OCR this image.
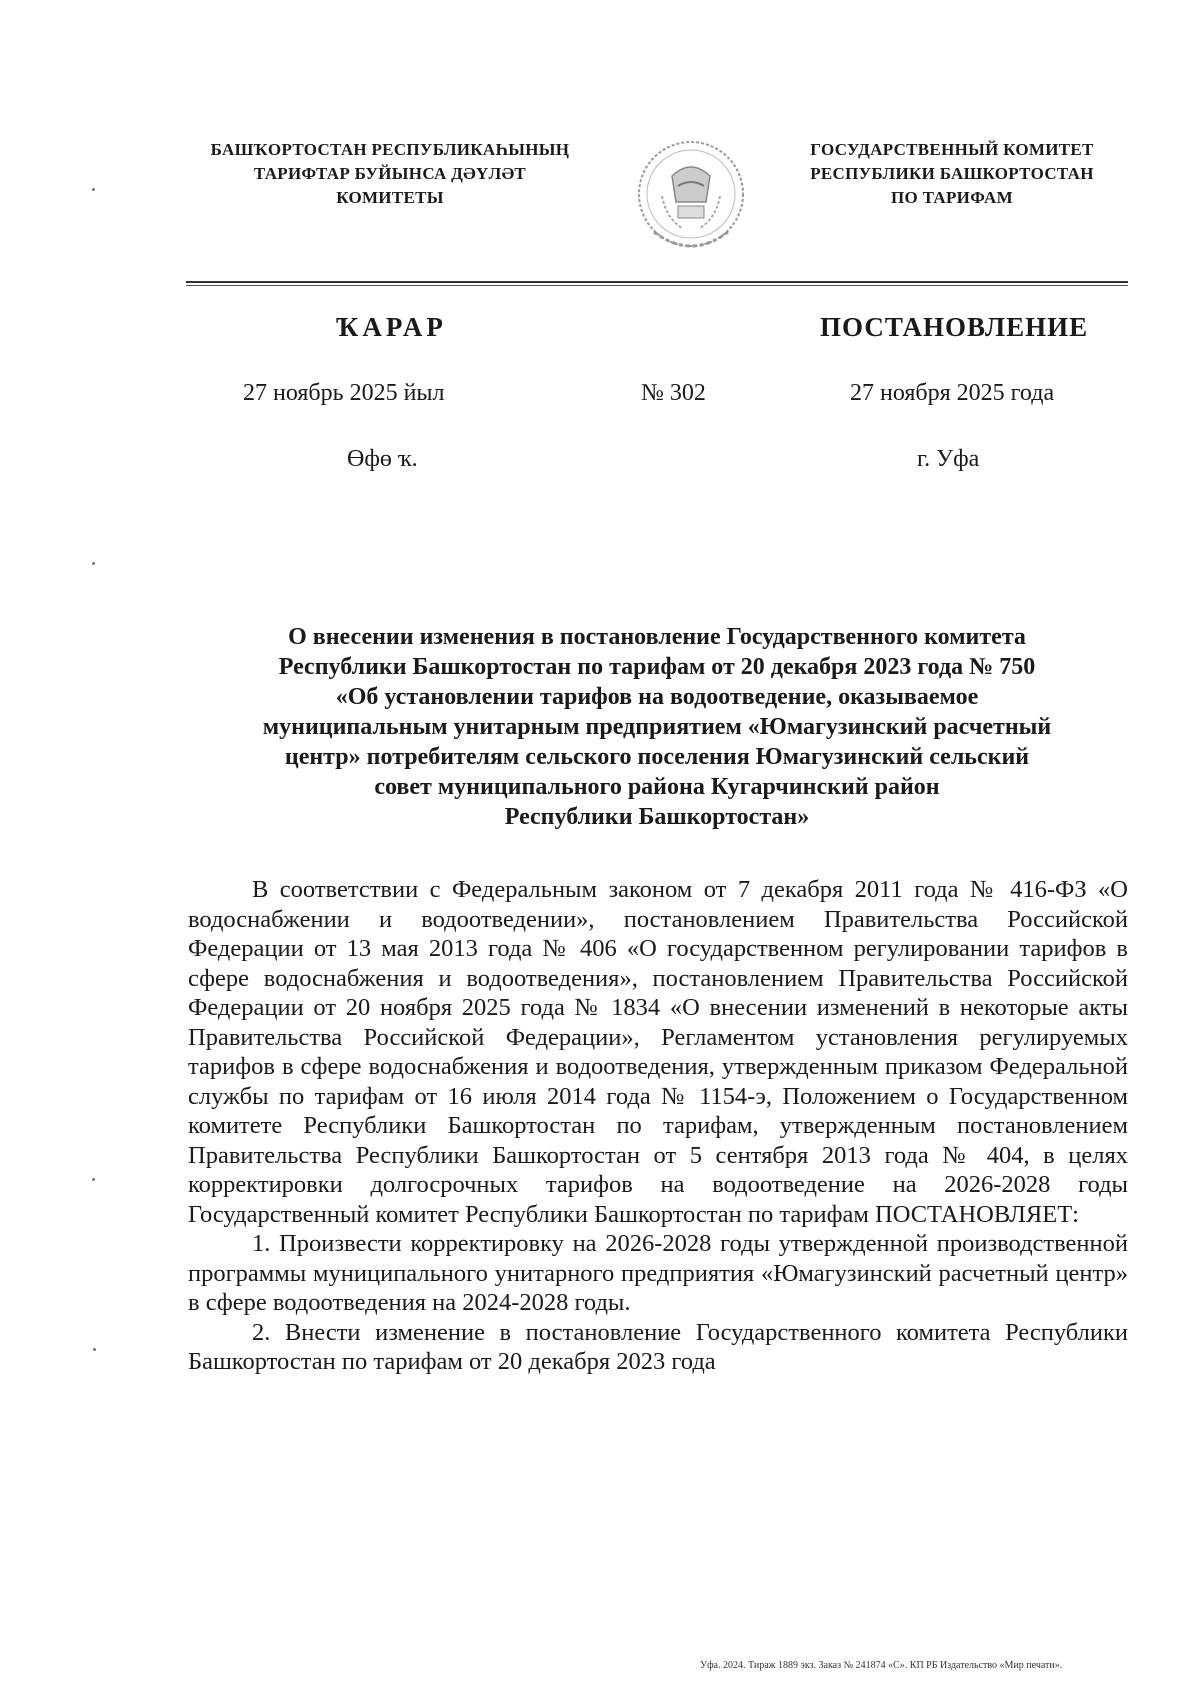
БАШҠОРТОСТАН РЕСПУБЛИКАҺЫНЫҢ
ТАРИФТАР БУЙЫНСА ДӘҮЛӘТ
КОМИТЕТЫ
ГОСУДАРСТВЕННЫЙ КОМИТЕТ
РЕСПУБЛИКИ БАШКОРТОСТАН
ПО ТАРИФАМ
ҠАРАР	ПОСТАНОВЛЕНИЕ
27 ноябрь 2025 йыл	№ 302	27 ноября 2025 года
Өфө ҡ.	г. Уфа
О внесении изменения в постановление Государственного комитета
Республики Башкортостан по тарифам от 20 декабря 2023 года № 750
«Об установлении тарифов на водоотведение, оказываемое
муниципальным унитарным предприятием «Юмагузинский расчетный
центр» потребителям сельского поселения Юмагузинский сельский
совет муниципального района Кугарчинский район
Республики Башкортостан»

В соответствии с Федеральным законом от 7 декабря 2011 года № 416-ФЗ «О водоснабжении и водоотведении», постановлением Правительства Российской Федерации от 13 мая 2013 года № 406 «О государственном регулировании тарифов в сфере водоснабжения и водоотведения», постановлением Правительства Российской Федерации от 20 ноября 2025 года № 1834 «О внесении изменений в некоторые акты Правительства Российской Федерации», Регламентом установления регулируемых тарифов в сфере водоснабжения и водоотведения, утвержденным приказом Федеральной службы по тарифам от 16 июля 2014 года № 1154-э, Положением о Государственном комитете Республики Башкортостан по тарифам, утвержденным постановлением Правительства Республики Башкортостан от 5 сентября 2013 года № 404, в целях корректировки долгосрочных тарифов на водоотведение на 2026-2028 годы Государственный комитет Республики Башкортостан по тарифам ПОСТАНОВЛЯЕТ:

1. Произвести корректировку на 2026-2028 годы утвержденной производственной программы муниципального унитарного предприятия «Юмагузинский расчетный центр» в сфере водоотведения на 2024-2028 годы.

2. Внести изменение в постановление Государственного комитета Республики Башкортостан по тарифам от 20 декабря 2023 года

Уфа. 2024. Тираж 1889 экз. Заказ № 241874 «С». КП РБ Издательство «Мир печати».
